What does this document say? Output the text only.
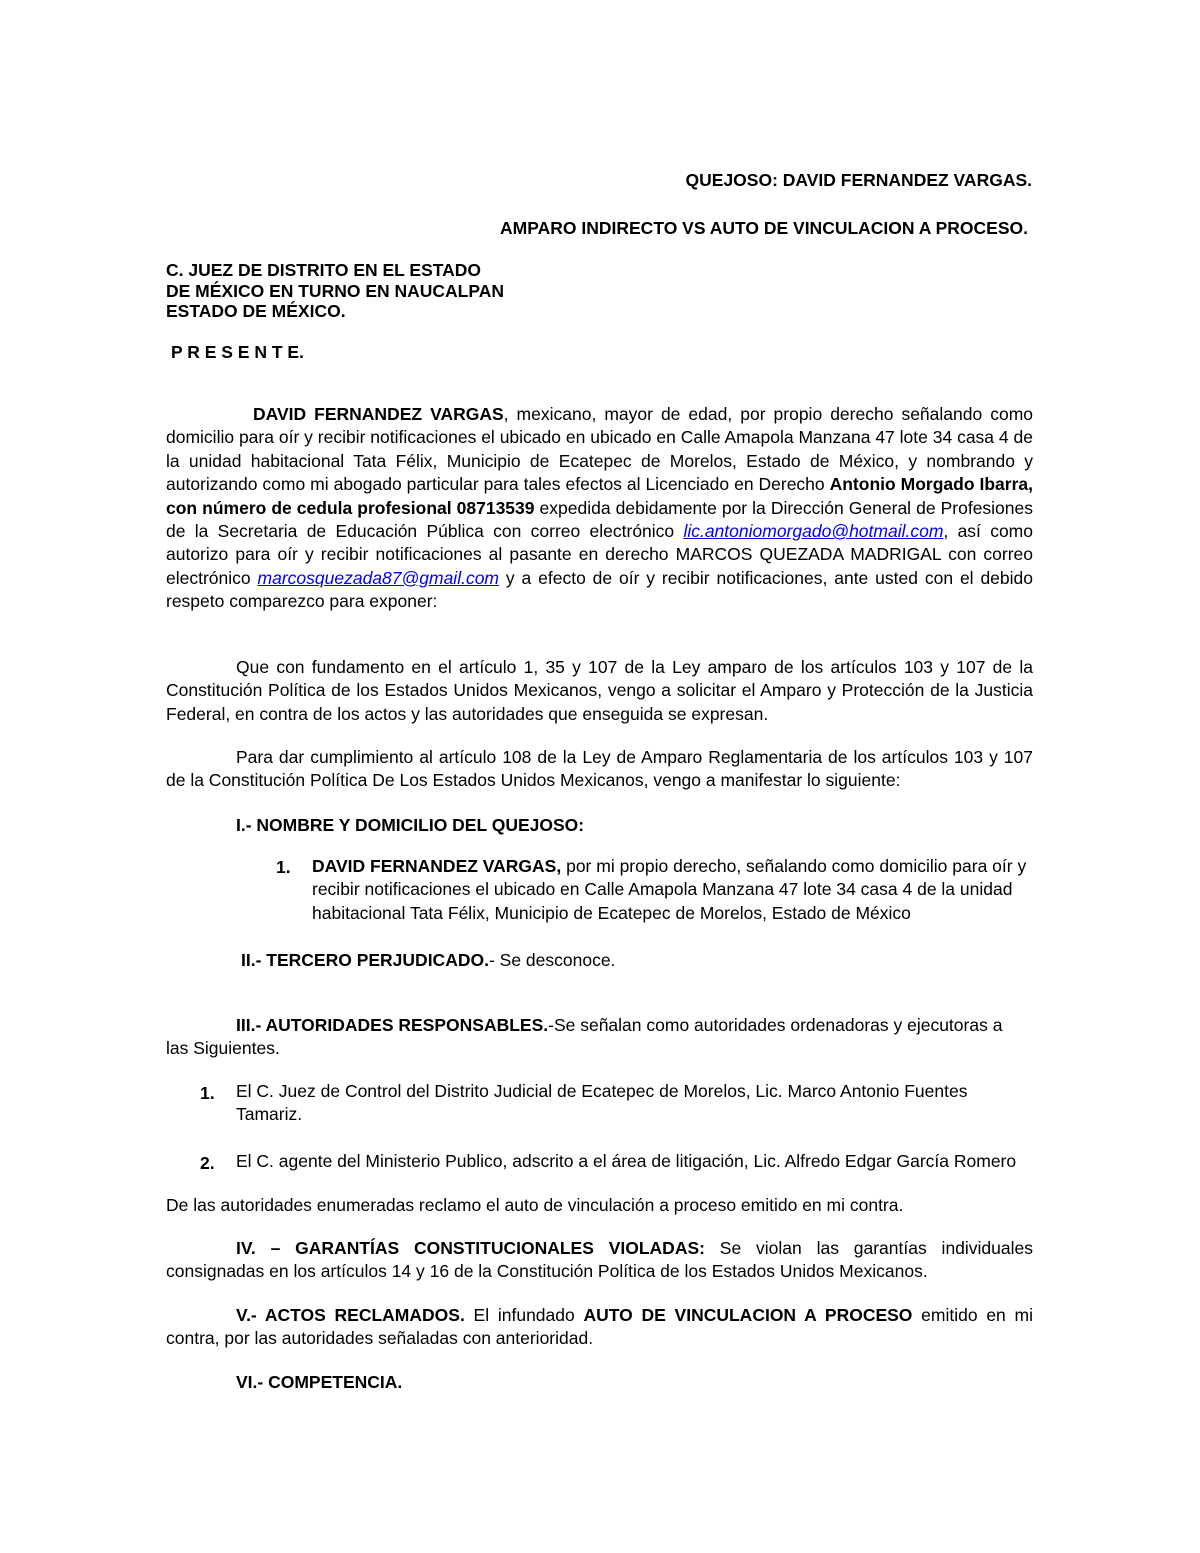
QUEJOSO: DAVID FERNANDEZ VARGAS.

AMPARO INDIRECTO VS AUTO DE VINCULACION A PROCESO.

C. JUEZ DE DISTRITO EN EL ESTADO
DE MÉXICO EN TURNO EN NAUCALPAN
ESTADO DE MÉXICO.

P R E S E N T E.

DAVID FERNANDEZ VARGAS, mexicano, mayor de edad, por propio derecho señalando como domicilio para oír y recibir notificaciones el ubicado en ubicado en Calle Amapola Manzana 47 lote 34 casa 4 de la unidad habitacional Tata Félix, Municipio de Ecatepec de Morelos, Estado de México, y nombrando y autorizando como mi abogado particular para tales efectos al Licenciado en Derecho Antonio Morgado Ibarra, con número de cedula profesional 08713539 expedida debidamente por la Dirección General de Profesiones de la Secretaria de Educación Pública con correo electrónico lic.antoniomorgado@hotmail.com, así como autorizo para oír y recibir notificaciones al pasante en derecho MARCOS QUEZADA MADRIGAL con correo electrónico marcosquezada87@gmail.com y a efecto de oír y recibir notificaciones, ante usted con el debido respeto comparezco para exponer:

Que con fundamento en el artículo 1, 35 y 107 de la Ley amparo de los artículos 103 y 107 de la Constitución Política de los Estados Unidos Mexicanos, vengo a solicitar el Amparo y Protección de la Justicia Federal, en contra de los actos y las autoridades que enseguida se expresan.

Para dar cumplimiento al artículo 108 de la Ley de Amparo Reglamentaria de los artículos 103 y 107 de la Constitución Política De Los Estados Unidos Mexicanos, vengo a manifestar lo siguiente:

I.- NOMBRE Y DOMICILIO DEL QUEJOSO:

1. DAVID FERNANDEZ VARGAS, por mi propio derecho, señalando como domicilio para oír y recibir notificaciones el ubicado en Calle Amapola Manzana 47 lote 34 casa 4 de la unidad habitacional Tata Félix, Municipio de Ecatepec de Morelos, Estado de México

II.- TERCERO PERJUDICADO.- Se desconoce.

III.- AUTORIDADES RESPONSABLES.-Se señalan como autoridades ordenadoras y ejecutoras a las Siguientes.

1. El C. Juez de Control del Distrito Judicial de Ecatepec de Morelos, Lic. Marco Antonio Fuentes Tamariz.

2. El C. agente del Ministerio Publico, adscrito a el área de litigación, Lic. Alfredo Edgar García Romero

De las autoridades enumeradas reclamo el auto de vinculación a proceso emitido en mi contra.

IV. – GARANTÍAS CONSTITUCIONALES VIOLADAS: Se violan las garantías individuales consignadas en los artículos 14 y 16 de la Constitución Política de los Estados Unidos Mexicanos.

V.- ACTOS RECLAMADOS. El infundado AUTO DE VINCULACION A PROCESO emitido en mi contra, por las autoridades señaladas con anterioridad.

VI.- COMPETENCIA.
